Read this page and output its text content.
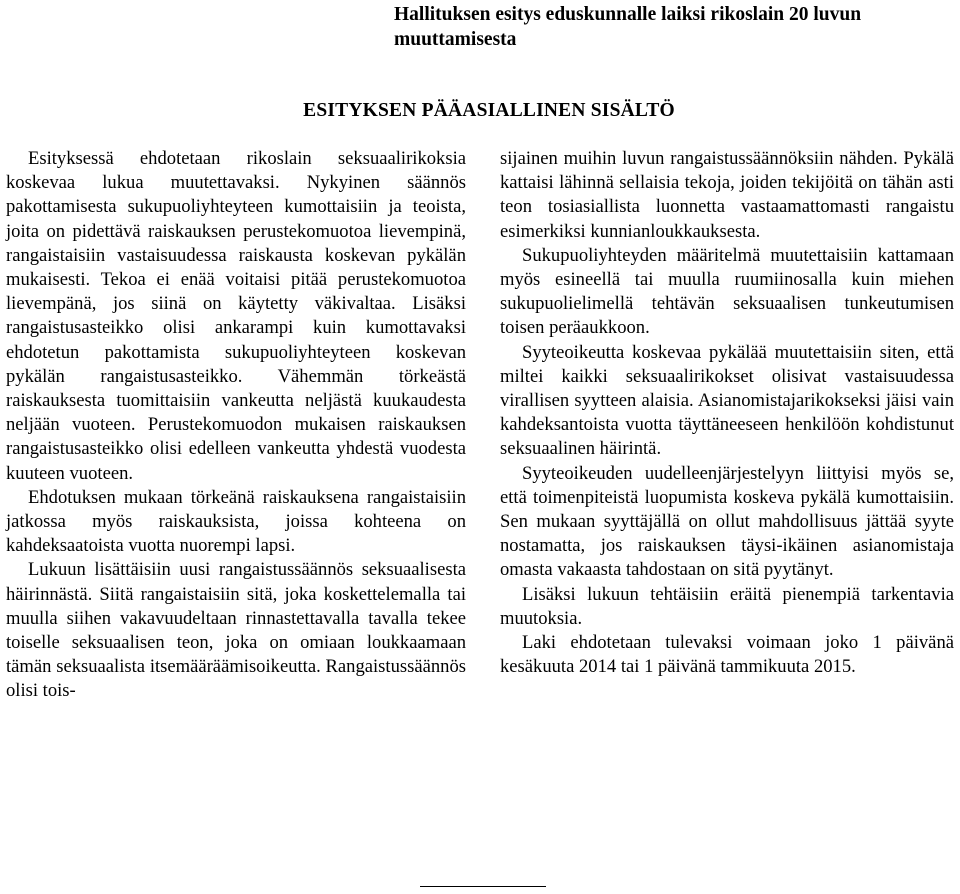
Hallituksen esitys eduskunnalle laiksi rikoslain 20 luvun muuttamisesta
ESITYKSEN PÄÄASIALLINEN SISÄLTÖ

Esityksessä ehdotetaan rikoslain seksuaalirikoksia koskevaa lukua muutettavaksi. Nykyinen säännös pakottamisesta sukupuoliyhteyteen kumottaisiin ja teoista, joita on pidettävä raiskauksen perustekomuotoa lievempinä, rangaistaisiin vastaisuudessa raiskausta koskevan pykälän mukaisesti. Tekoa ei enää voitaisi pitää perustekomuotoa lievempänä, jos siinä on käytetty väkivaltaa. Lisäksi rangaistusasteikko olisi ankarampi kuin kumottavaksi ehdotetun pakottamista sukupuoliyhteyteen koskevan pykälän rangaistusasteikko. Vähemmän törkeästä raiskauksesta tuomittaisiin vankeutta neljästä kuukaudesta neljään vuoteen. Perustekomuodon mukaisen raiskauksen rangaistusasteikko olisi edelleen vankeutta yhdestä vuodesta kuuteen vuoteen.

Ehdotuksen mukaan törkeänä raiskauksena rangaistaisiin jatkossa myös raiskauksista, joissa kohteena on kahdeksaatoista vuotta nuorempi lapsi.

Lukuun lisättäisiin uusi rangaistussäännös seksuaalisesta häirinnästä. Siitä rangaistaisiin sitä, joka koskettelemalla tai muulla siihen vakavuudeltaan rinnastettavalla tavalla tekee toiselle seksuaalisen teon, joka on omiaan loukkaamaan tämän seksuaalista itsemääräämisoikeutta. Rangaistussäännös olisi tois-

sijainen muihin luvun rangaistussäännöksiin nähden. Pykälä kattaisi lähinnä sellaisia tekoja, joiden tekijöitä on tähän asti teon tosiasiallista luonnetta vastaamattomasti rangaistu esimerkiksi kunnianloukkauksesta.

Sukupuoliyhteyden määritelmä muutettaisiin kattamaan myös esineellä tai muulla ruumiinosalla kuin miehen sukupuolielimellä tehtävän seksuaalisen tunkeutumisen toisen peräaukkoon.

Syyteoikeutta koskevaa pykälää muutettaisiin siten, että miltei kaikki seksuaalirikokset olisivat vastaisuudessa virallisen syytteen alaisia. Asianomistajarikokseksi jäisi vain kahdeksantoista vuotta täyttäneeseen henkilöön kohdistunut seksuaalinen häirintä.

Syyteoikeuden uudelleenjärjestelyyn liittyisi myös se, että toimenpiteistä luopumista koskeva pykälä kumottaisiin. Sen mukaan syyttäjällä on ollut mahdollisuus jättää syyte nostamatta, jos raiskauksen täysi-ikäinen asianomistaja omasta vakaasta tahdostaan on sitä pyytänyt.

Lisäksi lukuun tehtäisiin eräitä pienempiä tarkentavia muutoksia.

Laki ehdotetaan tulevaksi voimaan joko 1 päivänä kesäkuuta 2014 tai 1 päivänä tammikuuta 2015.
